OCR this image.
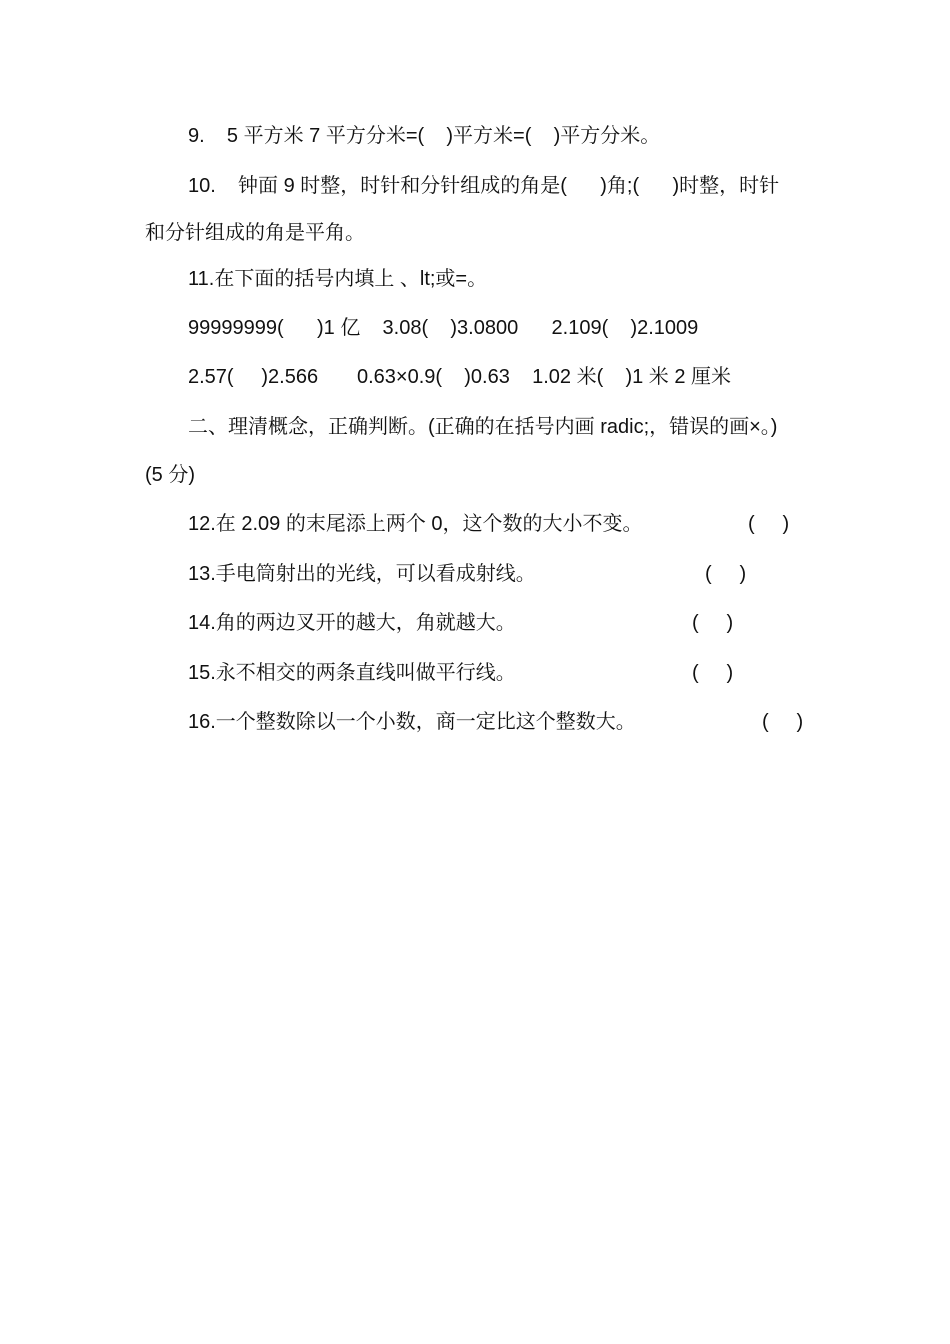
9.    5 平方米 7 平方分米=(    )平方米=(    )平方分米。
10.    钟面 9 时整，时针和分针组成的角是(      )角;(      )时整，时针
和分针组成的角是平角。
11.在下面的括号内填上 、lt;或=。
99999999(      )1 亿    3.08(    )3.0800      2.109(    )2.1009
2.57(     )2.566       0.63×0.9(    )0.63    1.02 米(    )1 米 2 厘米
二、理清概念，正确判断。(正确的在括号内画 radic;，错误的画×。)
(5 分)
12.在 2.09 的末尾添上两个 0，这个数的大小不变。	(     )
13.手电筒射出的光线，可以看成射线。	(     )
14.角的两边叉开的越大，角就越大。	(     )
15.永不相交的两条直线叫做平行线。	(     )
16.一个整数除以一个小数，商一定比这个整数大。	(     )
